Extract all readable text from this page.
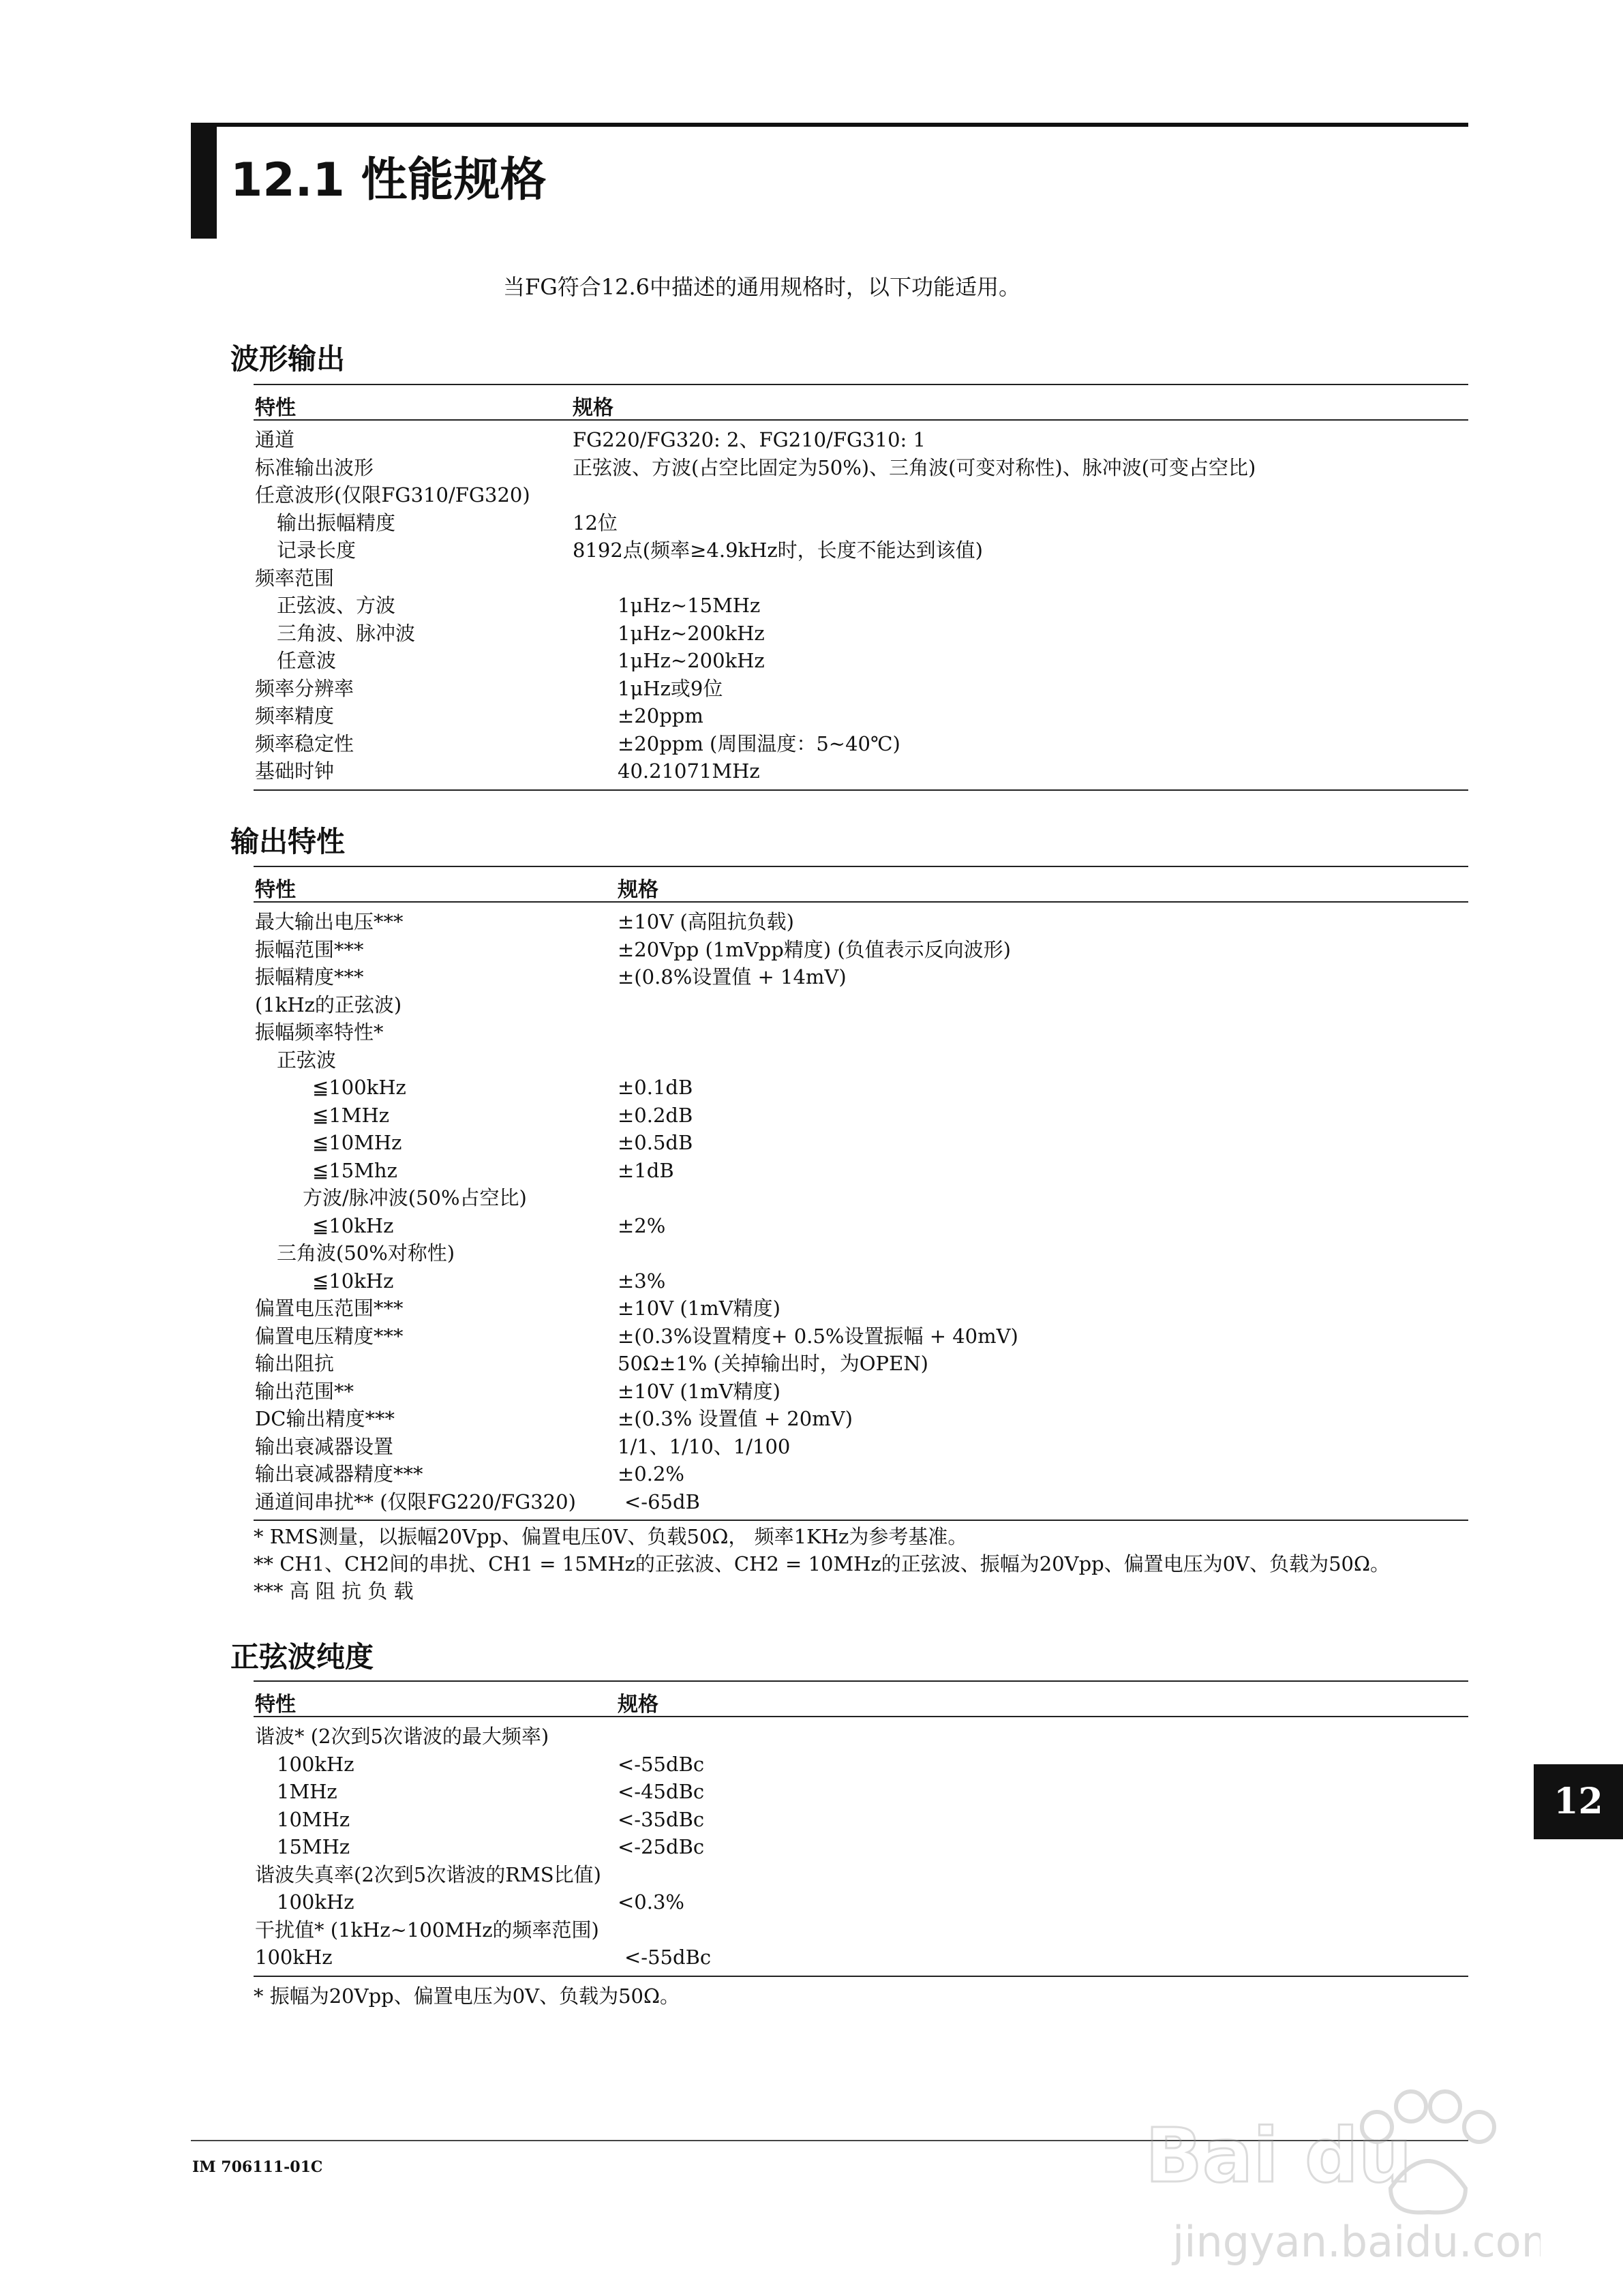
12.1 性能规格
当FG符合12.6中描述的通用规格时，以下功能适用。
波形输出
特性	规格
通道	FG220/FG320: 2、FG210/FG310: 1
标准输出波形	正弦波、方波(占空比固定为50%)、三角波(可变对称性)、脉冲波(可变占空比)
任意波形(仅限FG310/FG320)
输出振幅精度	12位
记录长度	8192点(频率≥4.9kHz时，长度不能达到该值)
频率范围
正弦波、方波	1μHz~15MHz
三角波、脉冲波	1μHz~200kHz
任意波	1μHz~200kHz
频率分辨率	1μHz或9位
频率精度	±20ppm
频率稳定性	±20ppm (周围温度：5~40℃)
基础时钟	40.21071MHz
输出特性
特性	规格
最大输出电压***	±10V (高阻抗负载)
振幅范围***	±20Vpp (1mVpp精度) (负值表示反向波形)
振幅精度***	±(0.8%设置值 + 14mV)
(1kHz的正弦波)
振幅频率特性*
正弦波
≦100kHz	±0.1dB
≦1MHz	±0.2dB
≦10MHz	±0.5dB
≦15Mhz	±1dB
方波/脉冲波(50%占空比)
≦10kHz	±2%
三角波(50%对称性)
≦10kHz	±3%
偏置电压范围***	±10V (1mV精度)
偏置电压精度***	±(0.3%设置精度+ 0.5%设置振幅 + 40mV)
输出阻抗	50Ω±1% (关掉输出时，为OPEN)
输出范围**	±10V (1mV精度)
DC输出精度***	±(0.3% 设置值 + 20mV)
输出衰减器设置	1/1、1/10、1/100
输出衰减器精度***	±0.2%
通道间串扰** (仅限FG220/FG320) <-65dB
* RMS测量，以振幅20Vpp、偏置电压0V、负载50Ω， 频率1KHz为参考基准。
** CH1、CH2间的串扰、CH1 = 15MHz的正弦波、CH2 = 10MHz的正弦波、振幅为20Vpp、偏置电压为0V、负载为50Ω。
*** 高 阻 抗 负 载
正弦波纯度
特性	规格
谐波* (2次到5次谐波的最大频率)
100kHz	<-55dBc
1MHz	<-45dBc
10MHz	<-35dBc
15MHz	<-25dBc
谐波失真率(2次到5次谐波的RMS比值)
100kHz	<0.3%
干扰值* (1kHz~100MHz的频率范围)
100kHz	<-55dBc
* 振幅为20Vpp、偏置电压为0V、负载为50Ω。
12
IM 706111-01C	Bai du
jingyan.baidu.com
